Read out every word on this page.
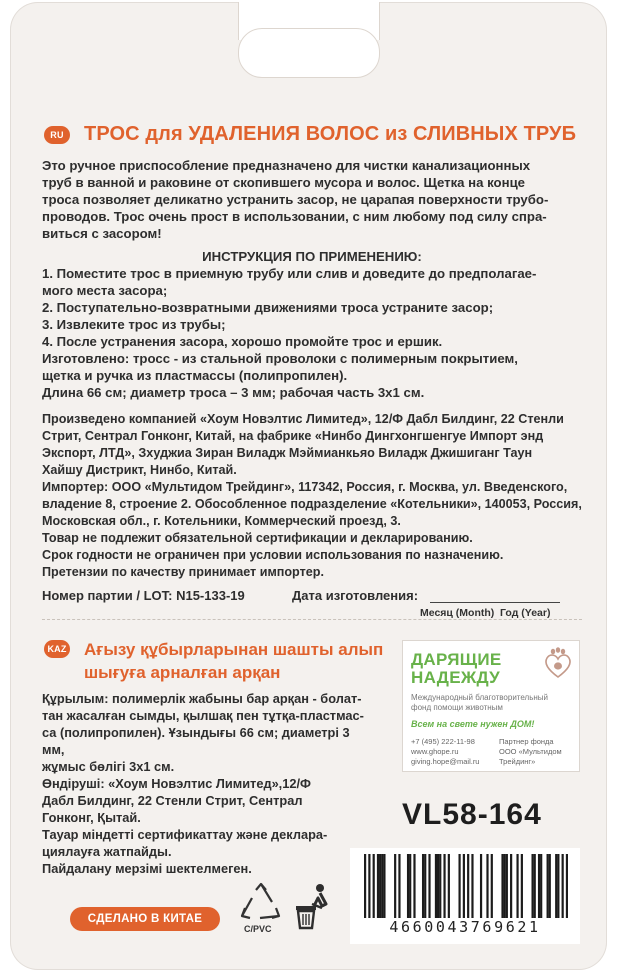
RU	ТРОС для УДАЛЕНИЯ ВОЛОС из СЛИВНЫХ ТРУБ

Это ручное приспособление предназначено для чистки канализационных

труб в ванной и раковине от скопившего мусора и волос. Щетка на конце

троса позволяет деликатно устранить засор, не царапая поверхности трубо-

проводов. Трос очень прост в использовании, с ним любому под силу спра-

виться с засором!

ИНСТРУКЦИЯ ПО ПРИМЕНЕНИЮ:

1. Поместите трос в приемную трубу или слив и доведите до предполагае-

мого места засора;

2. Поступательно-возвратными движениями троса устраните засор;

3. Извлеките трос из трубы;

4. После устранения засора, хорошо промойте трос и ершик.

Изготовлено: тросс - из стальной проволоки с полимерным покрытием,

щетка и ручка из пластмассы (полипропилен).

Длина 66 см; диаметр троса – 3 мм; рабочая часть 3х1 см.

Произведено компанией «Хоум Новэлтис Лимитед», 12/Ф Дабл Билдинг, 22 Стенли

Стрит, Сентрал Гонконг, Китай, на фабрике «Нинбо Дингхонгшенгуе Импорт энд

Экспорт, ЛТД», Зхуджиа Зиран Виладж Мэймианкьяо Виладж Джишиганг Таун

Хайшу Дистрикт, Нинбо, Китай.

Импортер: ООО «Мультидом Трейдинг», 117342, Россия, г. Москва, ул. Введенского,

владение 8, строение 2. Обособленное подразделение «Котельники», 140053, Россия,

Московская обл., г. Котельники, Коммерческий проезд, 3.

Товар не подлежит обязательной сертификации и декларированию.

Срок годности не ограничен при условии использования по назначению.

Претензии по качеству принимает импортер.

Номер партии / LOT: N15-133-19	Дата изготовления:
Месяц (Month) Год (Year)
KAZ Ағызу құбырларынан шашты алып
шығуға арналған арқан

Құрылым: полимерлік жабыны бар арқан - болат-

тан жасалған сымды, қылшақ пен тұтқа-пластмас-

са (полипропилен). Ұзындығы 66 см; диаметрі 3 мм,

жұмыс бөлігі 3х1 см.

Өндіруші: «Хоум Новэлтис Лимитед»,12/Ф

Дабл Билдинг, 22 Стенли Стрит, Сентрал

Гонконг, Қытай.

Тауар міндетті сертификаттау және деклара-

циялауға жатпайды.

Пайдалану мерзімі шектелмеген.

ДАРЯЩИЕ
НАДЕЖДУ
Международный благотворительный
фонд помощи животным
Всем на свете нужен ДОМ!
+7 (495) 222-11-98
www.ghope.ru
giving.hope@mail.ru
Партнер фонда
ООО «Мультидом
Трейдинг»
VL58-164
СДЕЛАНО В КИТАЕ
C/PVC	4660043769621
